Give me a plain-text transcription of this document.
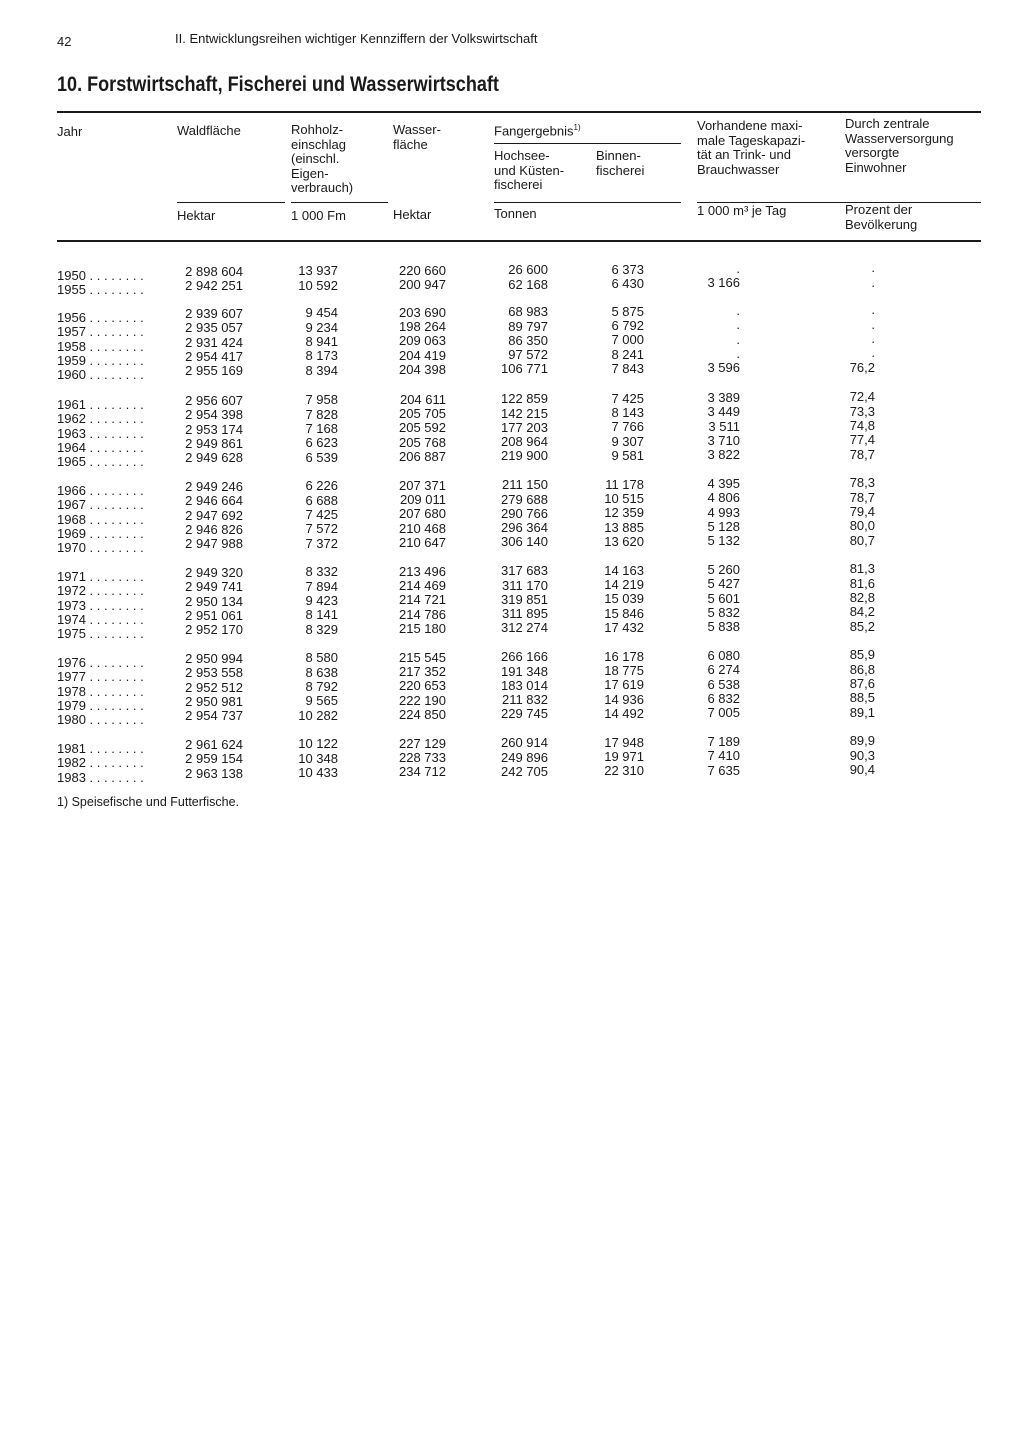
42	II. Entwicklungsreihen wichtiger Kennziffern der Volkswirtschaft
10. Forstwirtschaft, Fischerei und Wasserwirtschaft
Jahr	Waldfläche	Rohholz-
einschlag
(einschl.
Eigen-
verbrauch)
Wasser-
fläche
Fangergebnis$^{1)}$
Hochsee-
und Küsten-
fischerei
Binnen-
fischerei
Vorhandene maxi-
male Tageskapazi-
tät an Trink- und
Brauchwasser
Durch zentrale
Wasserversorgung
versorgte
Einwohner
Hektar	1 000 Fm	Hektar	Tonnen	1 000 m³ je Tag	Prozent der
Bevölkerung
1950 . . . . . . . .	2 898 604	13 937	220 660	26 600	6 373	.	.
1955 . . . . . . . .	2 942 251	10 592	200 947	62 168	6 430	3 166	.
1956 . . . . . . . .	2 939 607	9 454	203 690	68 983	5 875	.	.
1957 . . . . . . . .	2 935 057	9 234	198 264	89 797	6 792	.	.
1958 . . . . . . . .	2 931 424	8 941	209 063	86 350	7 000	.	.
1959 . . . . . . . .	2 954 417	8 173	204 419	97 572	8 241	.	.
1960 . . . . . . . .	2 955 169	8 394	204 398	106 771	7 843	3 596	76,2
1961 . . . . . . . .	2 956 607	7 958	204 611	122 859	7 425	3 389	72,4
1962 . . . . . . . .	2 954 398	7 828	205 705	142 215	8 143	3 449	73,3
1963 . . . . . . . .	2 953 174	7 168	205 592	177 203	7 766	3 511	74,8
1964 . . . . . . . .	2 949 861	6 623	205 768	208 964	9 307	3 710	77,4
1965 . . . . . . . .	2 949 628	6 539	206 887	219 900	9 581	3 822	78,7
1966 . . . . . . . .	2 949 246	6 226	207 371	211 150	11 178	4 395	78,3
1967 . . . . . . . .	2 946 664	6 688	209 011	279 688	10 515	4 806	78,7
1968 . . . . . . . .	2 947 692	7 425	207 680	290 766	12 359	4 993	79,4
1969 . . . . . . . .	2 946 826	7 572	210 468	296 364	13 885	5 128	80,0
1970 . . . . . . . .	2 947 988	7 372	210 647	306 140	13 620	5 132	80,7
1971 . . . . . . . .	2 949 320	8 332	213 496	317 683	14 163	5 260	81,3
1972 . . . . . . . .	2 949 741	7 894	214 469	311 170	14 219	5 427	81,6
1973 . . . . . . . .	2 950 134	9 423	214 721	319 851	15 039	5 601	82,8
1974 . . . . . . . .	2 951 061	8 141	214 786	311 895	15 846	5 832	84,2
1975 . . . . . . . .	2 952 170	8 329	215 180	312 274	17 432	5 838	85,2
1976 . . . . . . . .	2 950 994	8 580	215 545	266 166	16 178	6 080	85,9
1977 . . . . . . . .	2 953 558	8 638	217 352	191 348	18 775	6 274	86,8
1978 . . . . . . . .	2 952 512	8 792	220 653	183 014	17 619	6 538	87,6
1979 . . . . . . . .	2 950 981	9 565	222 190	211 832	14 936	6 832	88,5
1980 . . . . . . . .	2 954 737	10 282	224 850	229 745	14 492	7 005	89,1
1981 . . . . . . . .	2 961 624	10 122	227 129	260 914	17 948	7 189	89,9
1982 . . . . . . . .	2 959 154	10 348	228 733	249 896	19 971	7 410	90,3
1983 . . . . . . . .	2 963 138	10 433	234 712	242 705	22 310	7 635	90,4
1) Speisefische und Futterfische.
